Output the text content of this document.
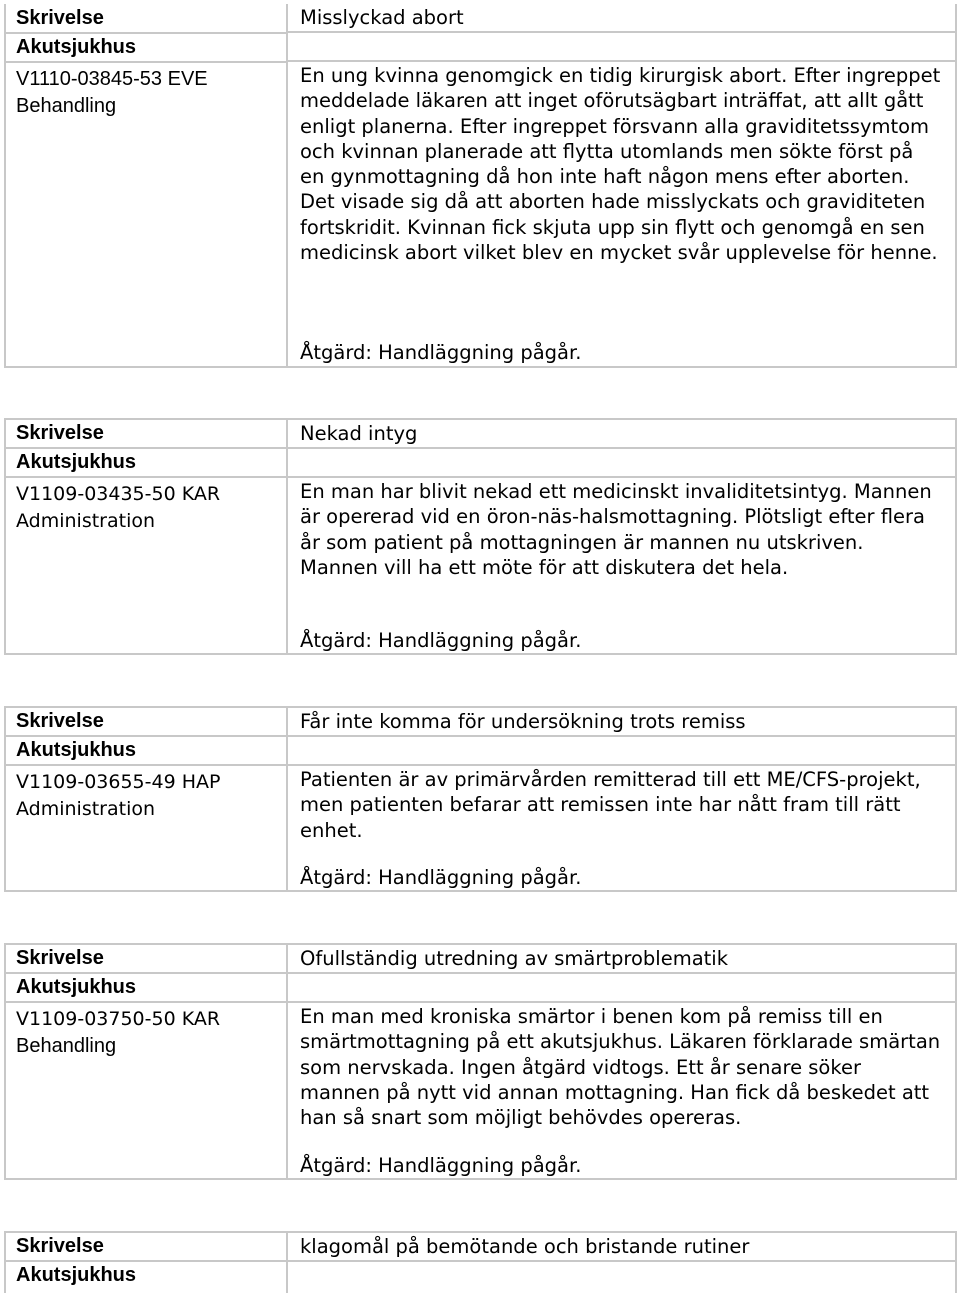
Skrivelse
Akutsjukhus
V1110-03845-53 EVE
Behandling
Misslyckad abort
En ung kvinna genomgick en tidig kirurgisk abort. Efter ingreppet meddelade läkaren att inget oförutsägbart inträffat, att allt gått enligt planerna. Efter ingreppet försvann alla graviditetssymtom och kvinnan planerade att flytta utomlands men sökte först på en gynmottagning då hon inte haft någon mens efter aborten. Det visade sig då att aborten hade misslyckats och graviditeten fortskridit. Kvinnan fick skjuta upp sin flytt och genomgå en sen medicinsk abort vilket blev en mycket svår upplevelse för henne.
Åtgärd: Handläggning pågår.
Skrivelse
Akutsjukhus
V1109-03435-50 KAR
Administration
Nekad intyg
En man har blivit nekad ett medicinskt invaliditetsintyg. Mannen är opererad vid en öron-näs-halsmottagning. Plötsligt efter flera år som patient på mottagningen är mannen nu utskriven. Mannen vill ha ett möte för att diskutera det hela.
Åtgärd: Handläggning pågår.
Skrivelse
Akutsjukhus
V1109-03655-49 HAP
Administration
Får inte komma för undersökning trots remiss
Patienten är av primärvården remitterad till ett ME/CFS-projekt, men patienten befarar att remissen inte har nått fram till rätt enhet.
Åtgärd: Handläggning pågår.
Skrivelse
Akutsjukhus
V1109-03750-50 KAR
Behandling
Ofullständig utredning av smärtproblematik
En man med kroniska smärtor i benen kom på remiss till en smärtmottagning på ett akutsjukhus. Läkaren förklarade smärtan som nervskada. Ingen åtgärd vidtogs. Ett år senare söker mannen på nytt vid annan mottagning. Han fick då beskedet att han så snart som möjligt behövdes opereras.
Åtgärd: Handläggning pågår.
Skrivelse
Akutsjukhus
klagomål på bemötande och bristande rutiner
